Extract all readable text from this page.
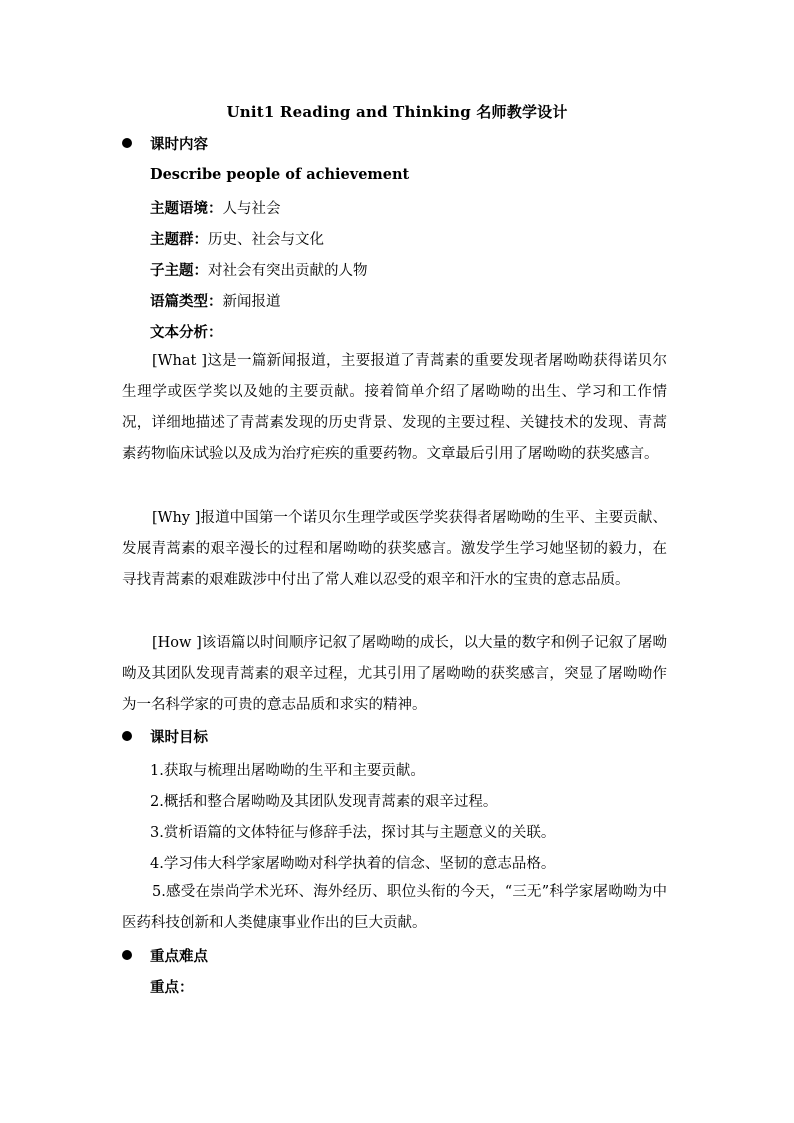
Unit1 Reading and Thinking 名师教学设计
课时内容
Describe people of achievement
主题语境：人与社会
主题群：历史、社会与文化
子主题：对社会有突出贡献的人物
语篇类型：新闻报道
文本分析：
[What ]这是一篇新闻报道，主要报道了青蒿素的重要发现者屠呦呦获得诺贝尔生理学或医学奖以及她的主要贡献。接着简单介绍了屠呦呦的出生、学习和工作情况，详细地描述了青蒿素发现的历史背景、发现的主要过程、关键技术的发现、青蒿素药物临床试验以及成为治疗疟疾的重要药物。文章最后引用了屠呦呦的获奖感言。
[Why ]报道中国第一个诺贝尔生理学或医学奖获得者屠呦呦的生平、主要贡献、发展青蒿素的艰辛漫长的过程和屠呦呦的获奖感言。激发学生学习她坚韧的毅力，在寻找青蒿素的艰难跋涉中付出了常人难以忍受的艰辛和汗水的宝贵的意志品质。
[How ]该语篇以时间顺序记叙了屠呦呦的成长，以大量的数字和例子记叙了屠呦呦及其团队发现青蒿素的艰辛过程，尤其引用了屠呦呦的获奖感言，突显了屠呦呦作为一名科学家的可贵的意志品质和求实的精神。
课时目标
1.获取与梳理出屠呦呦的生平和主要贡献。
2.概括和整合屠呦呦及其团队发现青蒿素的艰辛过程。
3.赏析语篇的文体特征与修辞手法，探讨其与主题意义的关联。
4.学习伟大科学家屠呦呦对科学执着的信念、坚韧的意志品格。
5.感受在崇尚学术光环、海外经历、职位头衔的今天，“三无”科学家屠呦呦为中医药科技创新和人类健康事业作出的巨大贡献。
重点难点
重点：
